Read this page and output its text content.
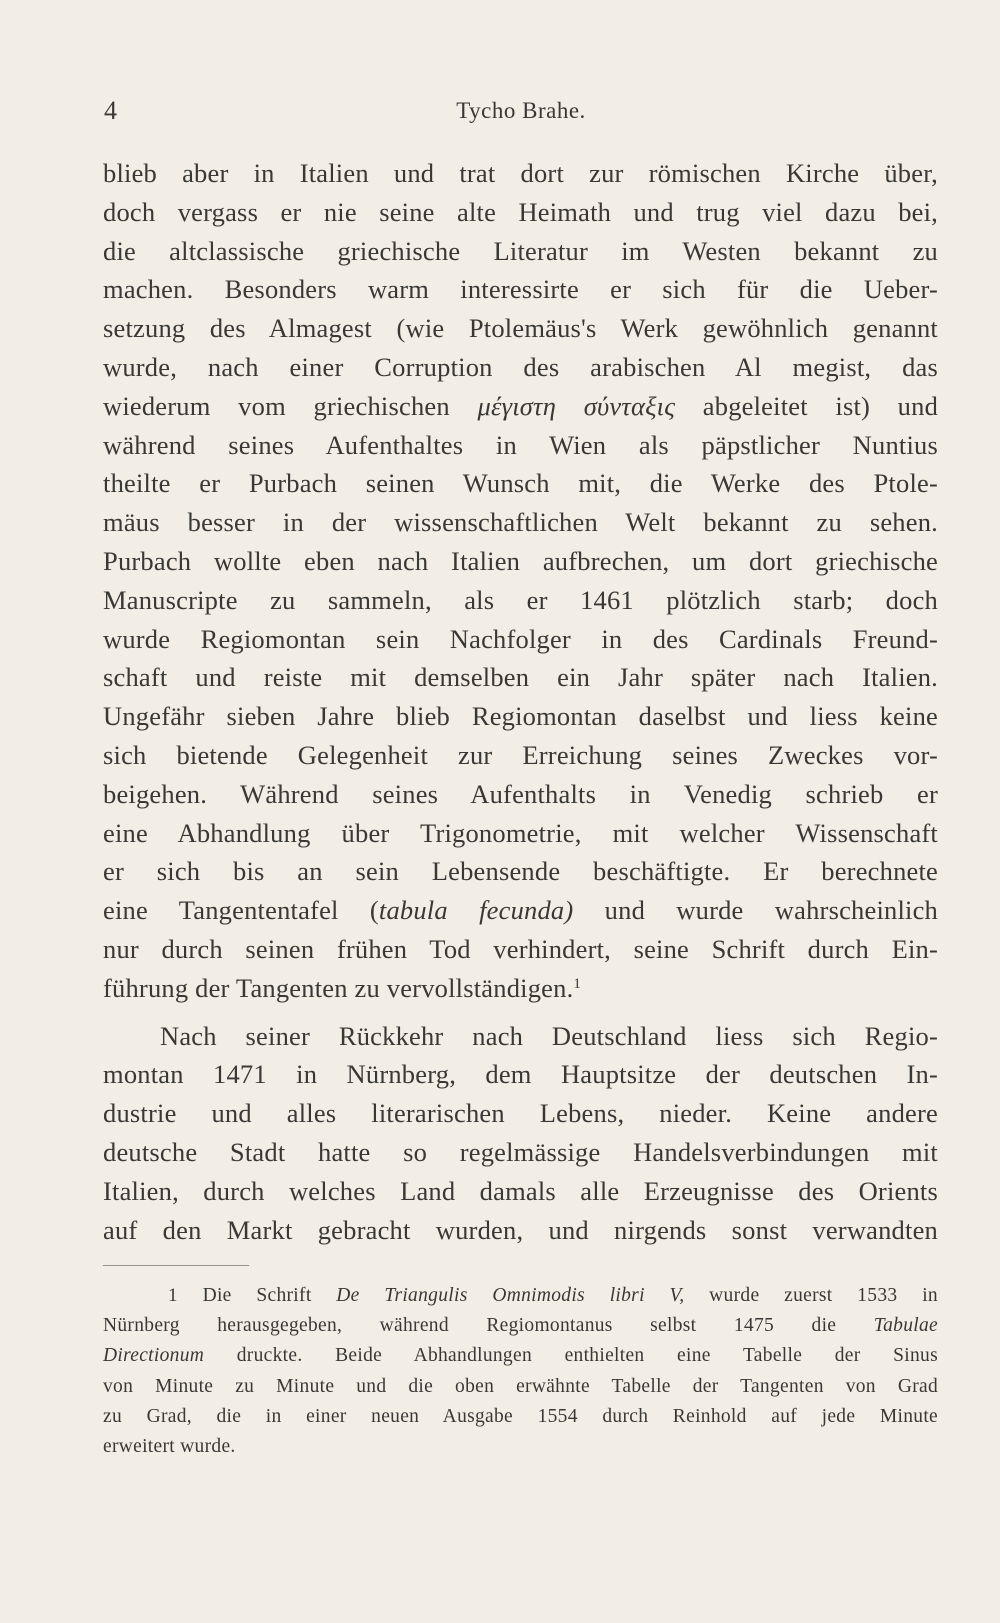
4	Tycho Brahe.
blieb aber in Italien und trat dort zur römischen Kirche über,
doch vergass er nie seine alte Heimath und trug viel dazu bei,
die altclassische griechische Literatur im Westen bekannt zu
machen. Besonders warm interessirte er sich für die Ueber-
setzung des Almagest (wie Ptolemäus's Werk gewöhnlich genannt
wurde, nach einer Corruption des arabischen Al megist, das
wiederum vom griechischen μέγιστη σύνταξις abgeleitet ist) und
während seines Aufenthaltes in Wien als päpstlicher Nuntius
theilte er Purbach seinen Wunsch mit, die Werke des Ptole-
mäus besser in der wissenschaftlichen Welt bekannt zu sehen.
Purbach wollte eben nach Italien aufbrechen, um dort griechische
Manuscripte zu sammeln, als er 1461 plötzlich starb; doch
wurde Regiomontan sein Nachfolger in des Cardinals Freund-
schaft und reiste mit demselben ein Jahr später nach Italien.
Ungefähr sieben Jahre blieb Regiomontan daselbst und liess keine
sich bietende Gelegenheit zur Erreichung seines Zweckes vor-
beigehen. Während seines Aufenthalts in Venedig schrieb er
eine Abhandlung über Trigonometrie, mit welcher Wissenschaft
er sich bis an sein Lebensende beschäftigte. Er berechnete
eine Tangententafel (tabula fecunda) und wurde wahrscheinlich
nur durch seinen frühen Tod verhindert, seine Schrift durch Ein-
führung der Tangenten zu vervollständigen.$^1$
Nach seiner Rückkehr nach Deutschland liess sich Regio-
montan 1471 in Nürnberg, dem Hauptsitze der deutschen In-
dustrie und alles literarischen Lebens, nieder. Keine andere
deutsche Stadt hatte so regelmässige Handelsverbindungen mit
Italien, durch welches Land damals alle Erzeugnisse des Orients
auf den Markt gebracht wurden, und nirgends sonst verwandten
1 Die Schrift De Triangulis Omnimodis libri V, wurde zuerst 1533 in
Nürnberg herausgegeben, während Regiomontanus selbst 1475 die Tabulae
Directionum druckte. Beide Abhandlungen enthielten eine Tabelle der Sinus
von Minute zu Minute und die oben erwähnte Tabelle der Tangenten von Grad
zu Grad, die in einer neuen Ausgabe 1554 durch Reinhold auf jede Minute
erweitert wurde.
